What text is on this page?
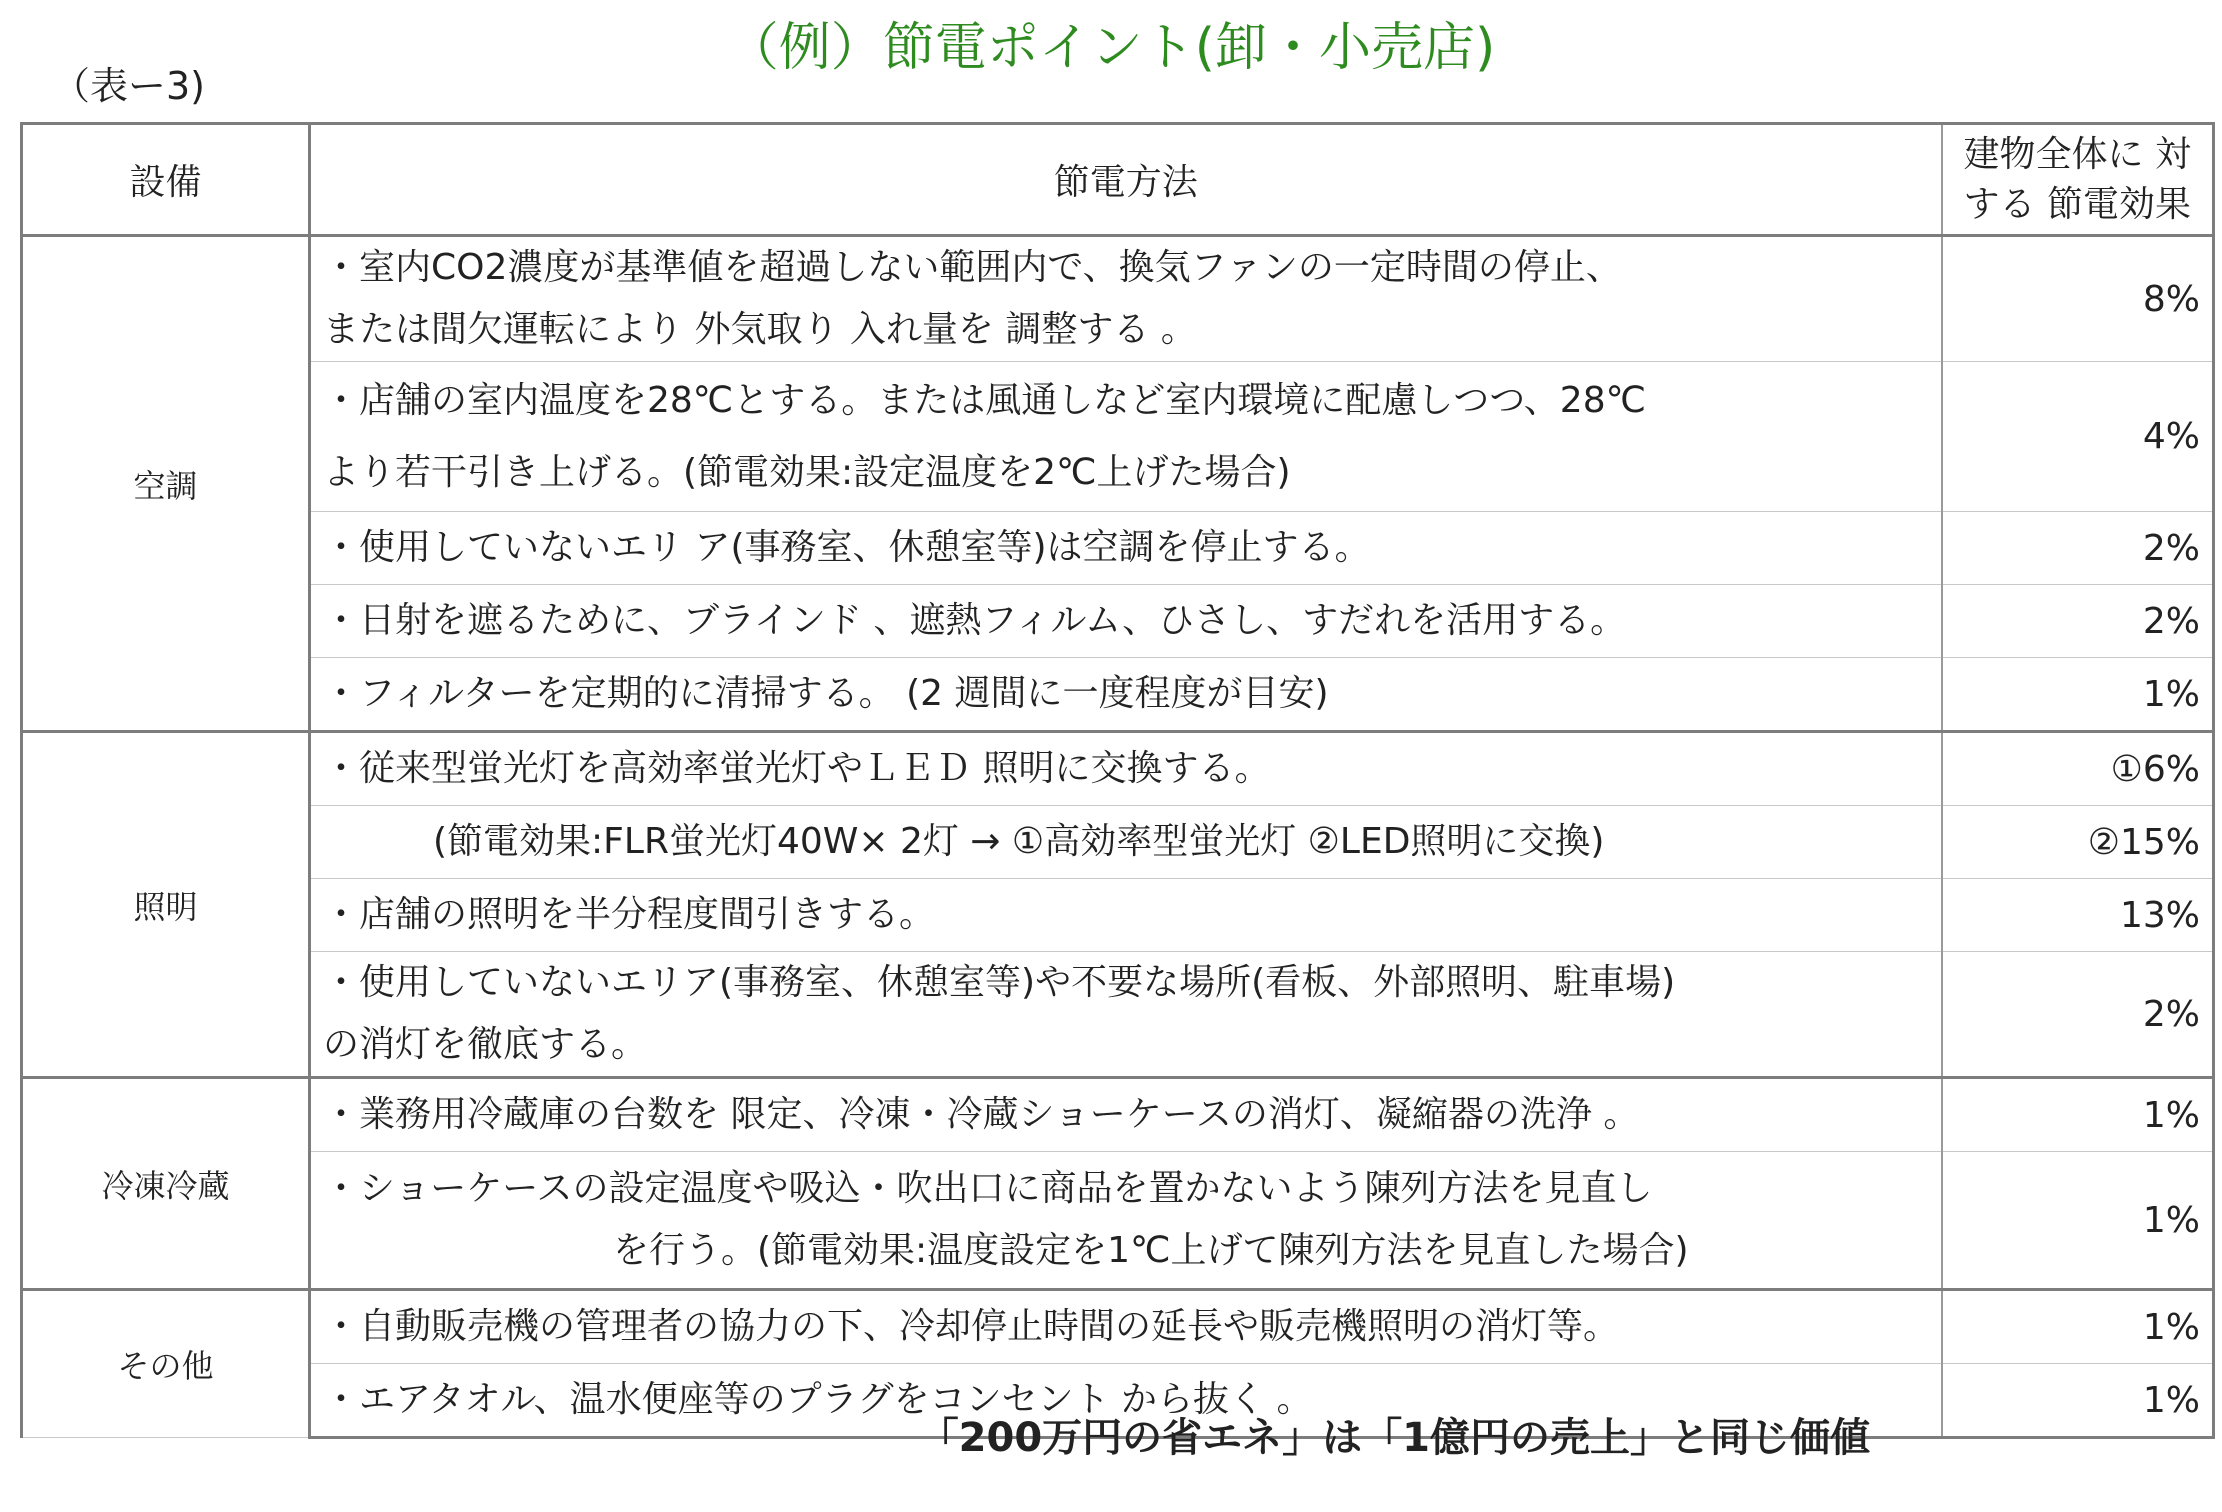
（例）節電ポイント(卸・小売店)
（表ー3)
設備	節電方法	建物全体に 対
する 節電効果
空調	・室内CO2濃度が基準値を超過しない範囲内で、換気ファンの一定時間の停止、
または間欠運転により 外気取り 入れ量を 調整する 。	8%

	・店舗の室内温度を28℃とする。または風通しなど室内環境に配慮しつつ、28℃
より若干引き上げる。(節電効果:設定温度を2℃上げた場合)	4%

	・使用していないエリ ア(事務室、休憩室等)は空調を停止する。	2%

	・日射を遮るために、ブラインド 、遮熱フィルム、ひさし、すだれを活用する。	2%

	・フィルターを定期的に清掃する。 (2 週間に一度程度が目安)	1%
照明	・従来型蛍光灯を高効率蛍光灯やＬＥＤ 照明に交換する。	①6%

	(節電効果:FLR蛍光灯40W× 2灯 → ①高効率型蛍光灯 ②LED照明に交換)	②15%

	・店舗の照明を半分程度間引きする。	13%

	・使用していないエリア(事務室、休憩室等)や不要な場所(看板、外部照明、駐車場)
の消灯を徹底する。	2%
冷凍冷蔵	・業務用冷蔵庫の台数を 限定、冷凍・冷蔵ショーケースの消灯、凝縮器の洗浄 。	1%

	・ショーケースの設定温度や吸込・吹出口に商品を置かないよう陳列方法を見直し
を行う。(節電効果:温度設定を1℃上げて陳列方法を見直した場合)	1%
その他	・自動販売機の管理者の協力の下、冷却停止時間の延長や販売機照明の消灯等。	1%

	・エアタオル、温水便座等のプラグをコンセント から抜く 。	1%
「200万円の省エネ」は「1億円の売上」と同じ価値
